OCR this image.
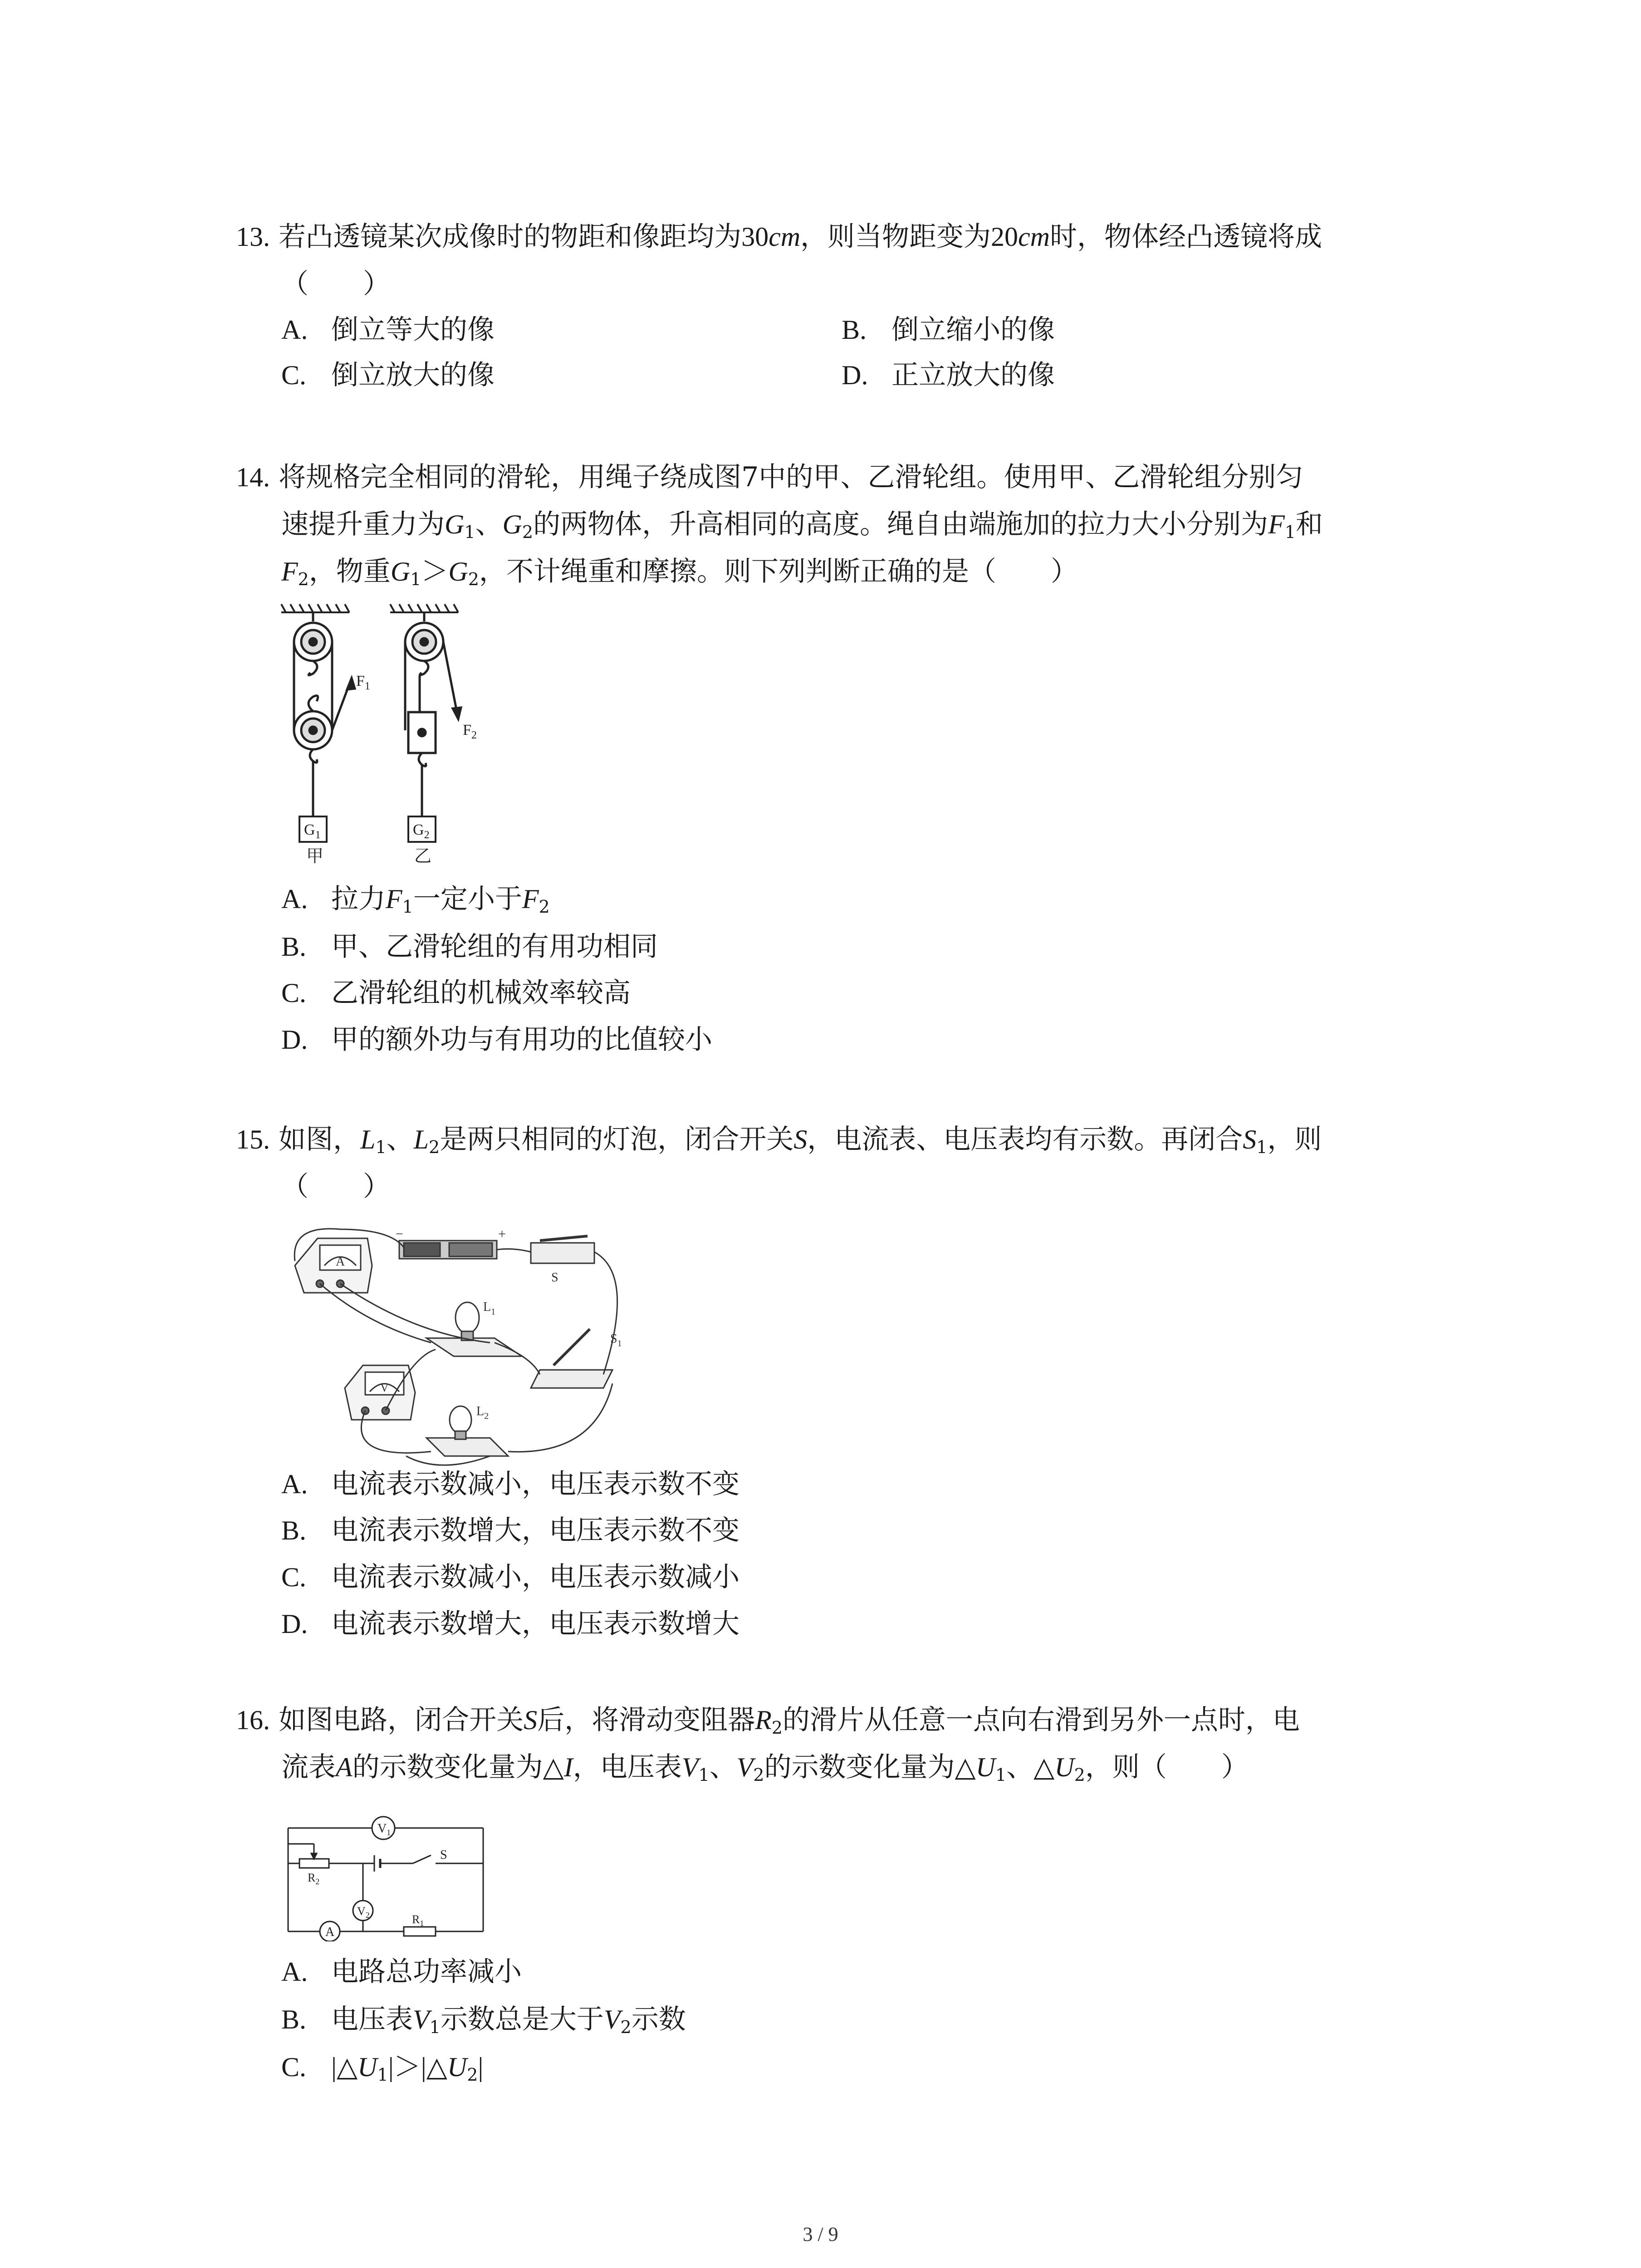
13. 若凸透镜某次成像时的物距和像距均为30cm，则当物距变为20cm时，物体经凸透镜将成
（　　）
A. 倒立等大的像	B. 倒立缩小的像
C. 倒立放大的像	D. 正立放大的像
14. 将规格完全相同的滑轮，用绳子绕成图7中的甲、乙滑轮组。使用甲、乙滑轮组分别匀
速提升重力为$G_1$、$G_2$的两物体，升高相同的高度。绳自由端施加的拉力大小分别为$F_1$和
$F_2$，物重$G_1>G_2$，不计绳重和摩擦。则下列判断正确的是（　　）
$F_1$
$F_2$
$G_1$	$G_2$
甲	乙
A. 拉力$F_1$一定小于$F_2$
B. 甲、乙滑轮组的有用功相同
C. 乙滑轮组的机械效率较高
D. 甲的额外功与有用功的比值较小
15. 如图，$L_1$、$L_2$是两只相同的灯泡，闭合开关S，电流表、电压表均有示数。再闭合$S_1$，则
（　　）
A
−	+
S
$L_1$
$S_1$
V
$L_2$
A. 电流表示数减小，电压表示数不变
B. 电流表示数增大，电压表示数不变
C. 电流表示数减小，电压表示数减小
D. 电流表示数增大，电压表示数增大
16. 如图电路，闭合开关S后，将滑动变阻器$R_2$的滑片从任意一点向右滑到另外一点时，电
流表A的示数变化量为△I，电压表$V_1$、$V_2$的示数变化量为$\triangle U_1$、$\triangle U_2$，则（　　）
$V_1$
$R_2$
S
$V_2$
A
$R_1$
A. 电路总功率减小
B. 电压表$V_1$示数总是大于$V_2$示数
C. $|\triangle U_1|>|\triangle U_2|$
3 / 9
